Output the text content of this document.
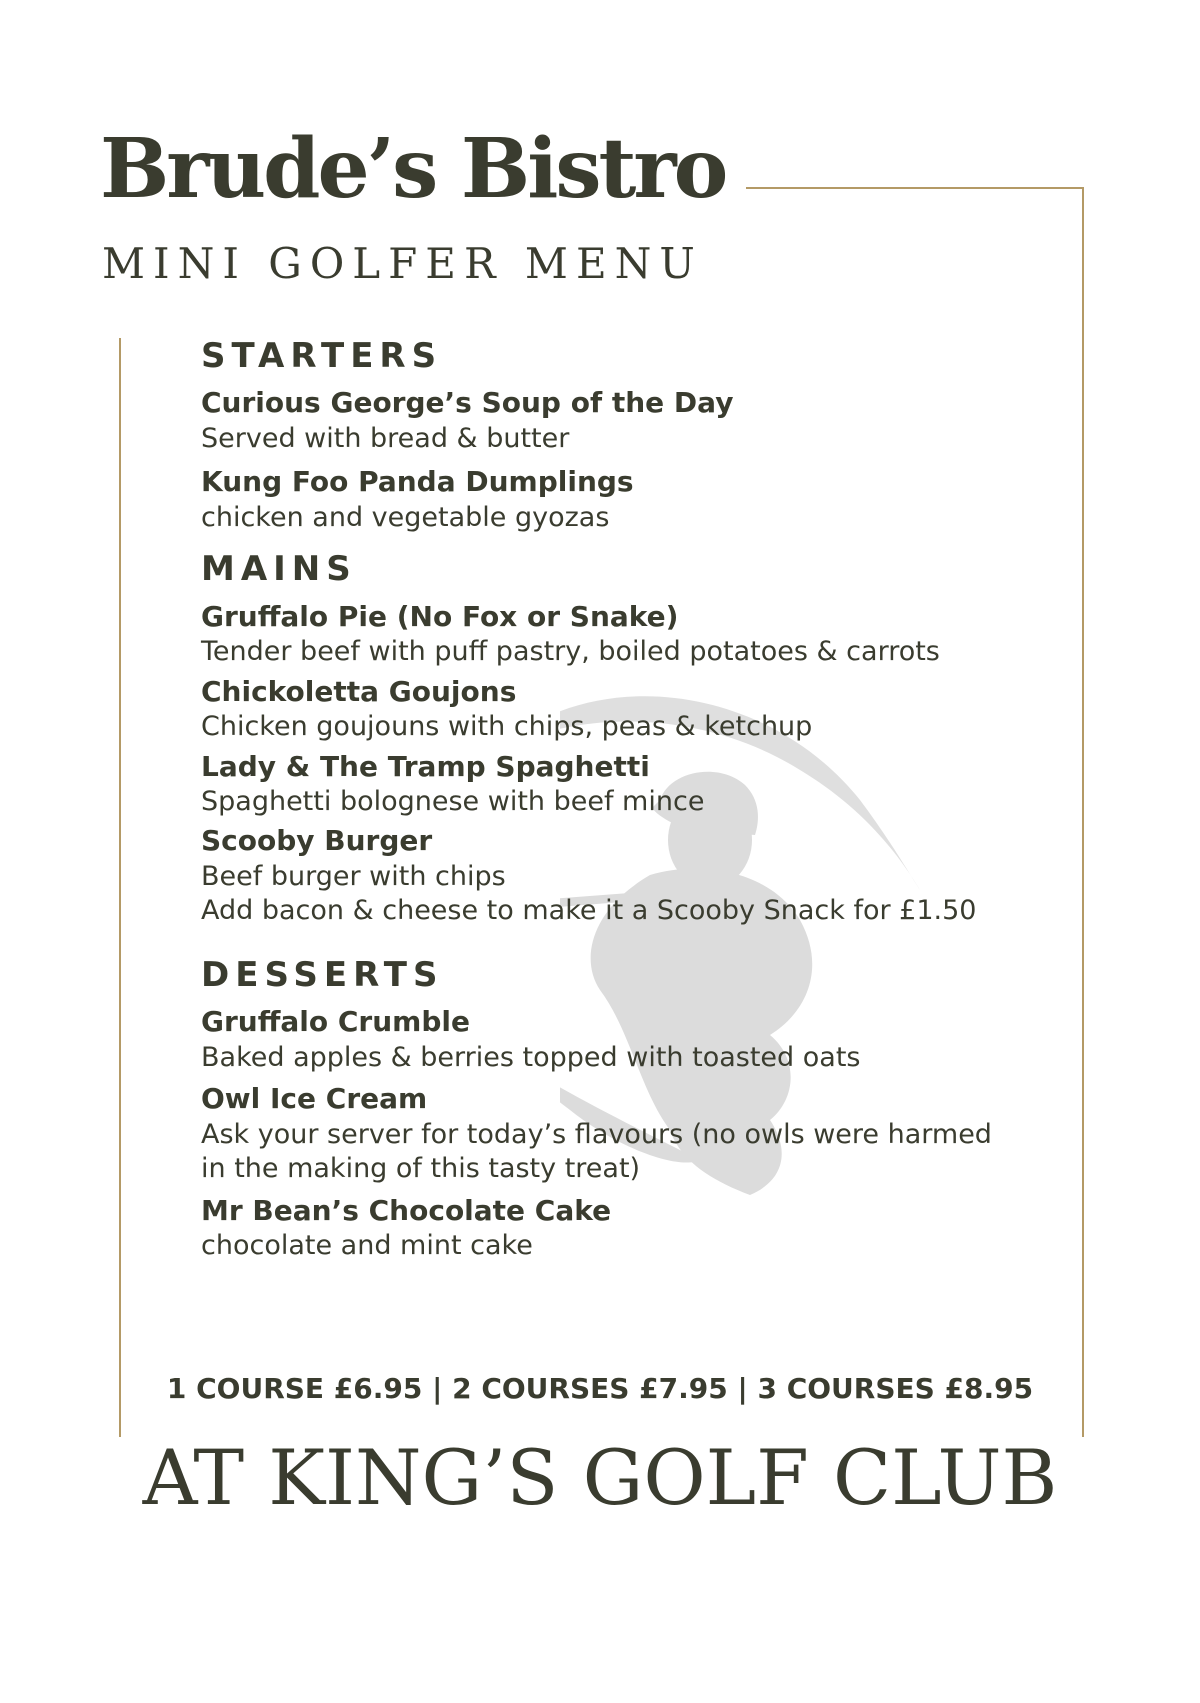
Brude’s Bistro
MINI GOLFER MENU
STARTERS
Curious George’s Soup of the Day
Served with bread & butter
Kung Foo Panda Dumplings
chicken and vegetable gyozas
MAINS
Gruffalo Pie (No Fox or Snake)
Tender beef with puff pastry, boiled potatoes & carrots
Chickoletta Goujons
Chicken goujouns with chips, peas & ketchup
Lady & The Tramp Spaghetti
Spaghetti bolognese with beef mince
Scooby Burger
Beef burger with chips
Add bacon & cheese to make it a Scooby Snack for £1.50
DESSERTS
Gruffalo Crumble
Baked apples & berries topped with toasted oats
Owl Ice Cream
Ask your server for today’s flavours (no owls were harmed
in the making of this tasty treat)
Mr Bean’s Chocolate Cake
chocolate and mint cake

1 COURSE £6.95 | 2 COURSES £7.95 | 3 COURSES £8.95

AT KING’S GOLF CLUB
